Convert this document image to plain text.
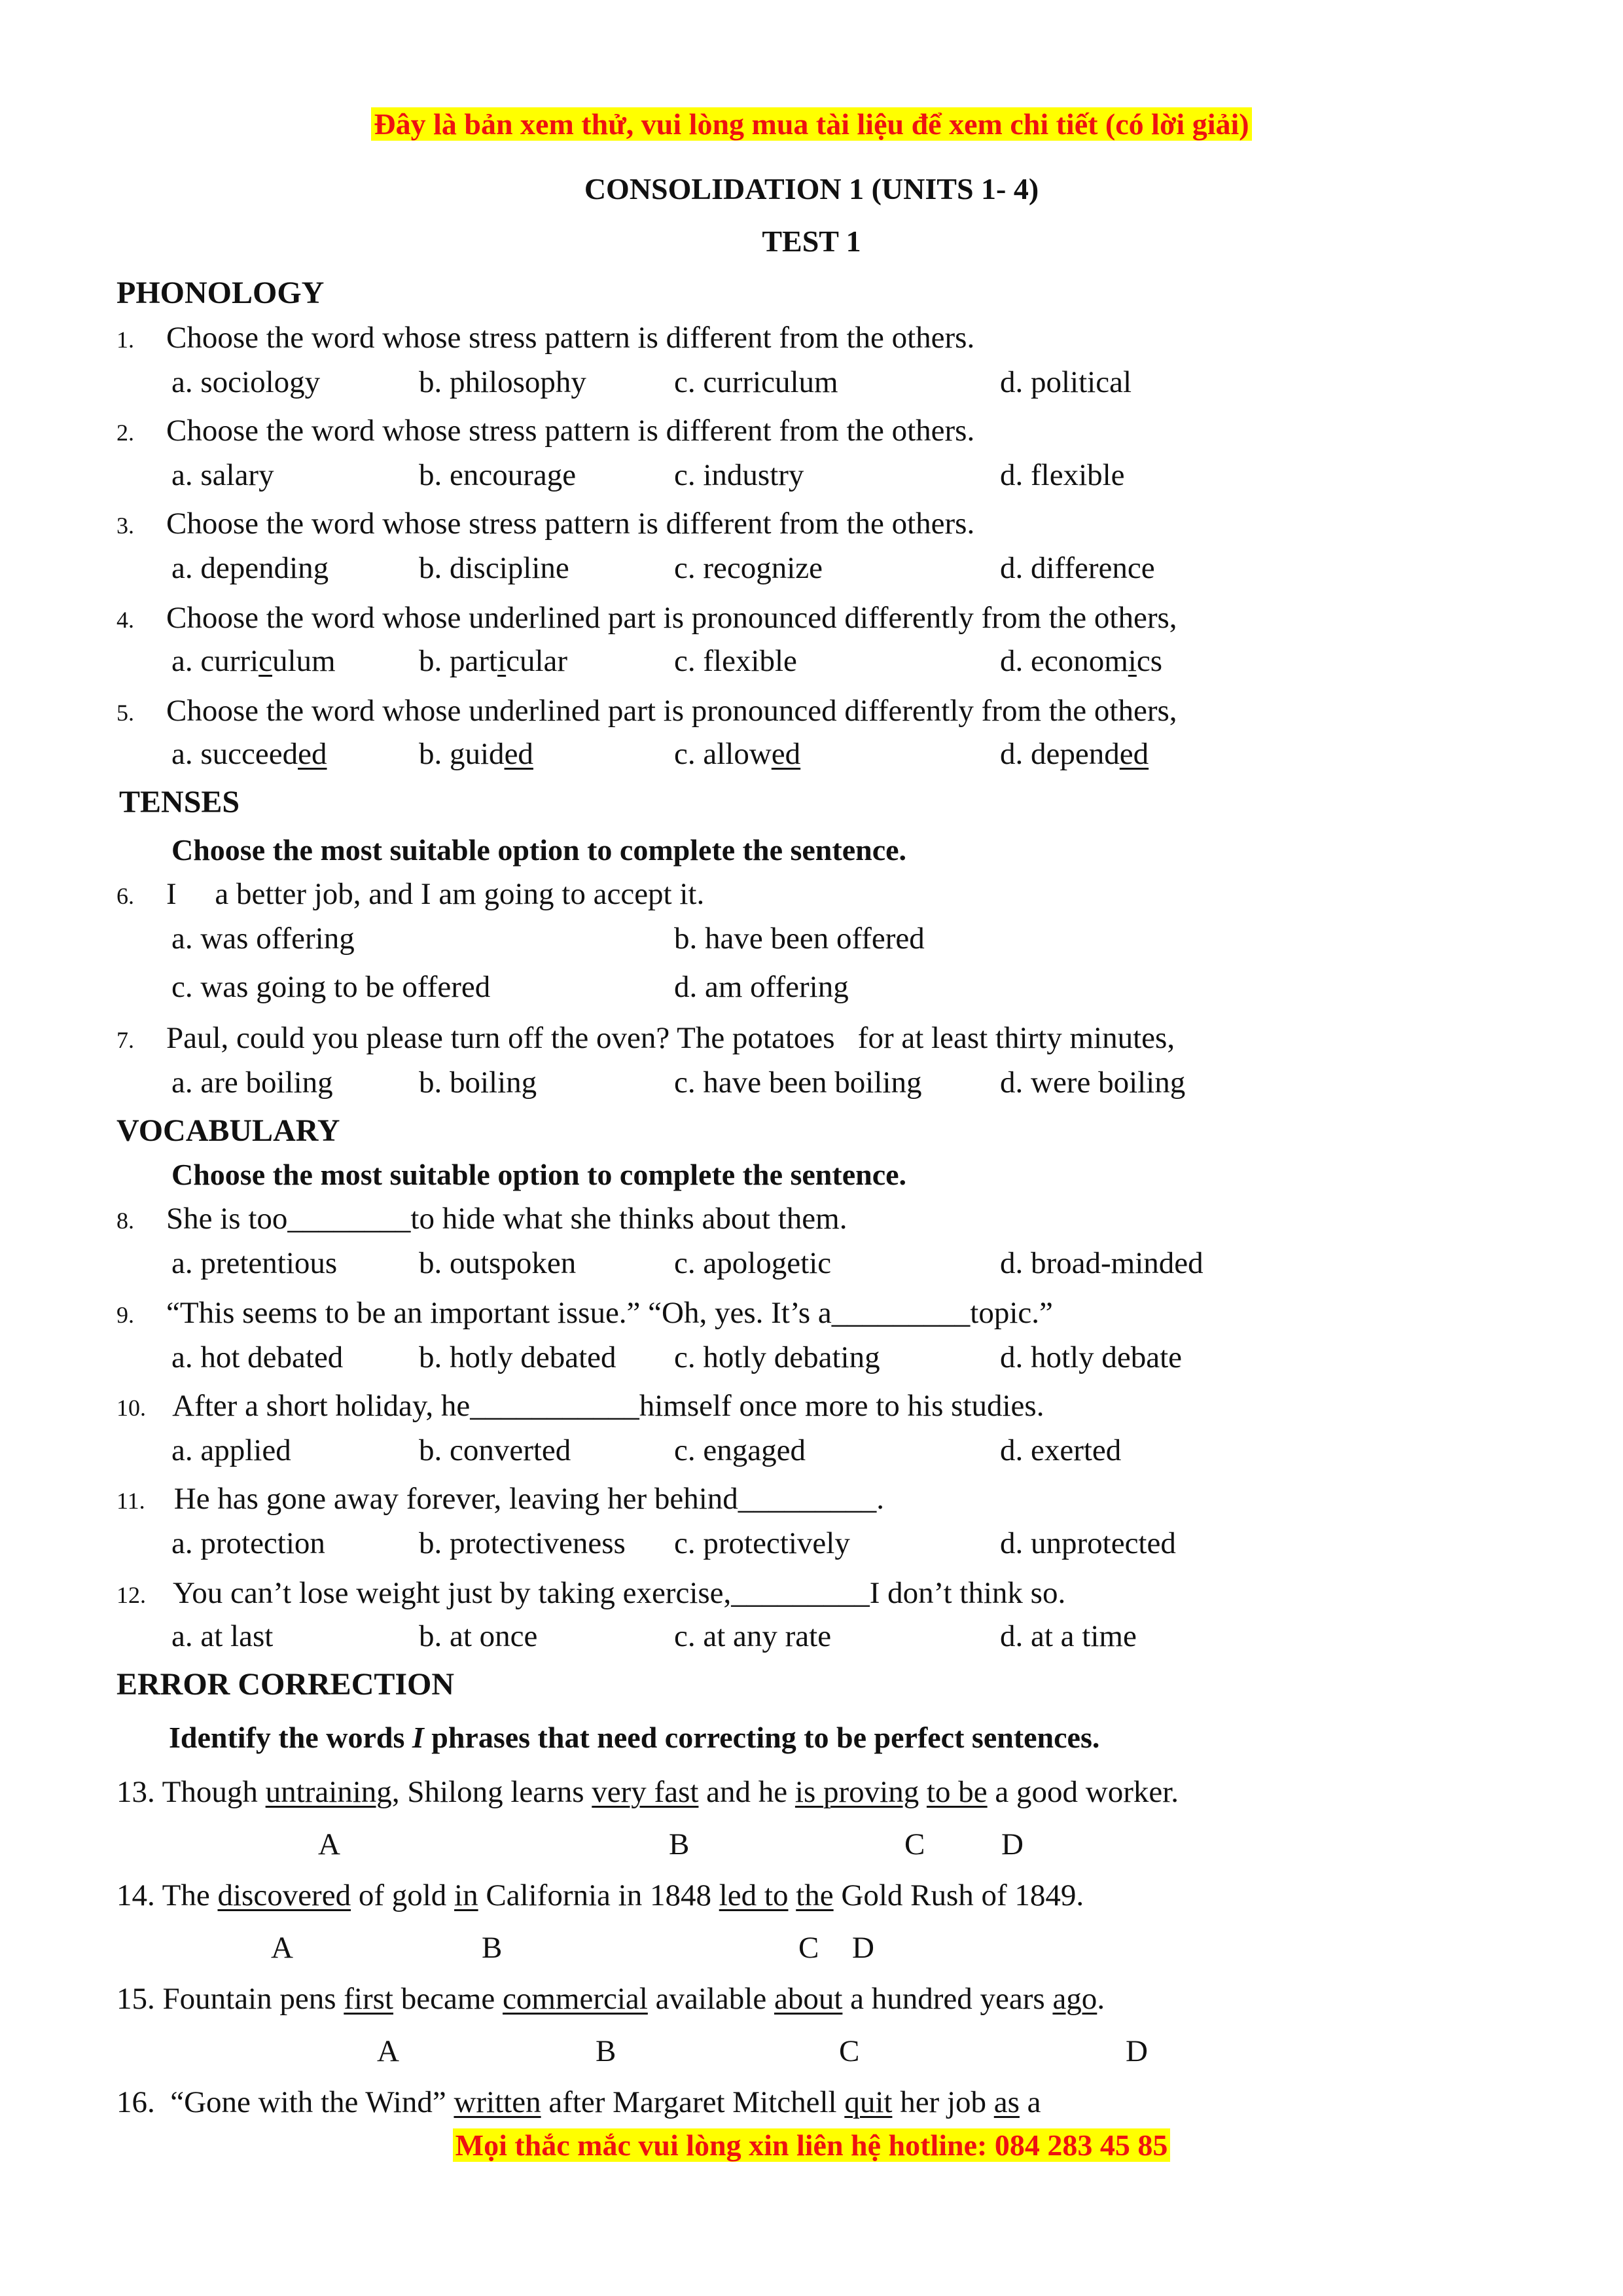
Đây là bản xem thử, vui lòng mua tài liệu để xem chi tiết (có lời giải)
CONSOLIDATION 1 (UNITS 1- 4)
TEST 1
PHONOLOGY
1. Choose the word whose stress pattern is different from the others.
a. sociology	b. philosophy	c. curriculum	d. political
2. Choose the word whose stress pattern is different from the others.
a. salary	b. encourage	c. industry	d. flexible
3. Choose the word whose stress pattern is different from the others.
a. depending	b. discipline	c. recognize	d. difference
4. Choose the word whose underlined part is pronounced differently from the others,
a. curriculum	b. particular	c. flexible	d. economics
5. Choose the word whose underlined part is pronounced differently from the others,
a. succeeded	b. guided	c. allowed	d. depended
TENSES
Choose the most suitable option to complete the sentence.
6. I     a better job, and I am going to accept it.
a. was offering	b. have been offered
c. was going to be offered	d. am offering
7. Paul, could you please turn off the oven? The potatoes   for at least thirty minutes,
a. are boiling	b. boiling	c. have been boiling	d. were boiling
VOCABULARY
Choose the most suitable option to complete the sentence.
8. She is too________to hide what she thinks about them.
a. pretentious	b. outspoken	c. apologetic	d. broad-minded
9. “This seems to be an important issue.” “Oh, yes. It’s a_________topic.”
a. hot debated b. hotly debated c. hotly debating	d. hotly debate
10. After a short holiday, he___________himself once more to his studies.
a. applied	b. converted	c. engaged	d. exerted
11. He has gone away forever, leaving her behind_________.
a. protection	b. protectiveness c. protectively	d. unprotected
12. You can’t lose weight just by taking exercise,_________I don’t think so.
a. at last	b. at once	c. at any rate	d. at a time
ERROR CORRECTION
Identify the words I phrases that need correcting to be perfect sentences.
13. Though untraining, Shilong learns very fast and he is proving to be a good worker.
A	B	C D
14. The discovered of gold in California in 1848 led to the Gold Rush of 1849.
A	B	C D
15. Fountain pens first became commercial available about a hundred years ago.
A	B	C	D
16.  “Gone with the Wind” written after Margaret Mitchell quit her job as a
Mọi thắc mắc vui lòng xin liên hệ hotline: 084 283 45 85
